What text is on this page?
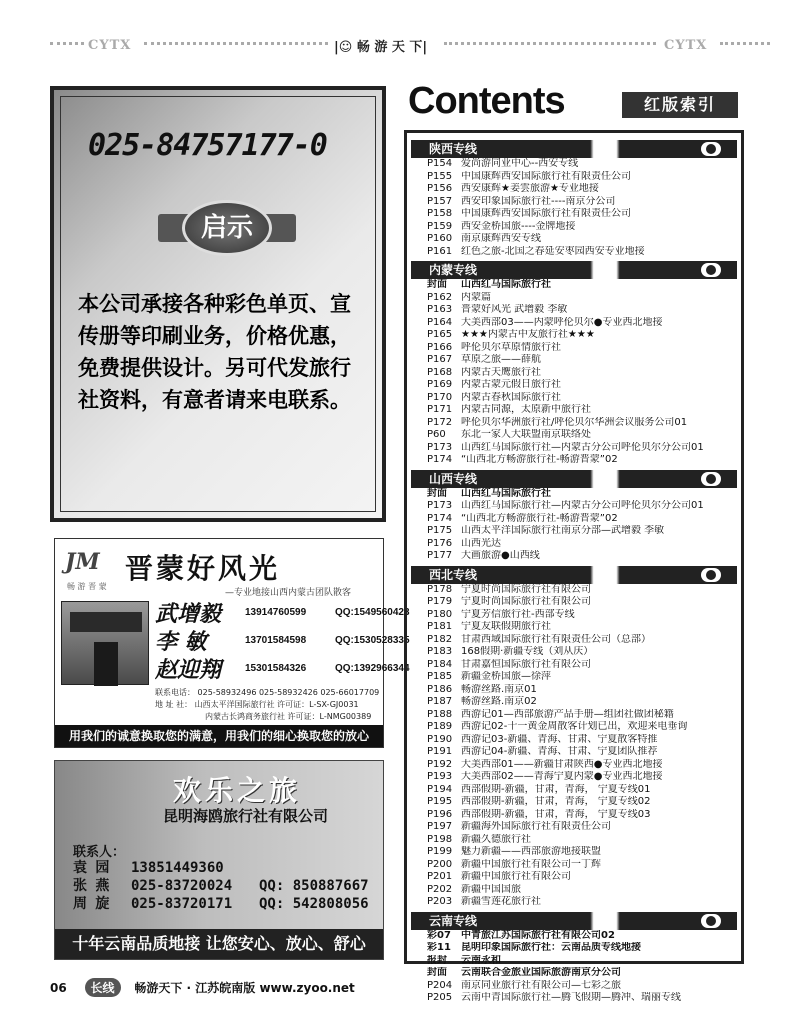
CYTX	|☺ 畅 游 天 下|	CYTX
025-84757177-0
启示
本公司承接各种彩色单页、宣传册等印刷业务，价格优惠，免费提供设计。另可代发旅行社资料，有意者请来电联系。
JM
畅 游 晋 蒙
晋蒙好风光
—专业地接山西内蒙古团队散客
武增毅 13914760599	QQ:1549560423
李 敏	13701584598	QQ:1530528335
赵迎翔 15301584326	QQ:1392966344
联系电话： 025-58932496 025-58932426 025-66017709
地 址 社： 山西太平洋国际旅行社 许可证：L-SX-GJ0031
内蒙古长鸿商务旅行社 许可证：L-NMG00389
用我们的诚意换取您的满意，用我们的细心换取您的放心
欢乐之旅
昆明海鸥旅行社有限公司
联系人：
袁 园 13851449360
张 燕 025-83720024 QQ: 850887667
周 旋 025-83720171 QQ: 542808056
十年云南品质地接 让您安心、放心、舒心
06 长线 畅游天下 · 江苏皖南版 www.zyoo.net
Contents	红版索引
陕西专线
P154 爱尚游同业中心--西安专线
P155 中国康辉西安国际旅行社有限责任公司
P156 西安康辉★姜雲旅游★专业地接
P157 西安印象国际旅行社----南京分公司
P158 中国康辉西安国际旅行社有限责任公司
P159 西安金桥国旅----金牌地接
P160 南京康辉西安专线
P161 红色之旅-北国之春延安枣园西安专业地接
内蒙专线
封面 山西红马国际旅行社
P162 内蒙篇
P163 晋蒙好风光 武增毅 李敏
P164 大美西部03——内蒙呼伦贝尔●专业西北地接
P165 ★★★内蒙古中友旅行社★★★
P166 呼伦贝尔草原情旅行社
P167 草原之旅——薛航
P168 内蒙古天鹰旅行社
P169 内蒙古蒙元假日旅行社
P170 内蒙古春秋国际旅行社
P171 内蒙古同源，太原新中旅行社
P172 呼伦贝尔华洲旅行社/呼伦贝尔华洲会议服务公司01
P60 东北一家人大联盟南京联络处
P173 山西红马国际旅行社—内蒙古分公司呼伦贝尔分公司01
P174 “山西北方畅游旅行社-畅游晋蒙”02
山西专线
封面 山西红马国际旅行社
P173 山西红马国际旅行社—内蒙古分公司呼伦贝尔分公司01
P174 “山西北方畅游旅行社-畅游晋蒙”02
P175 山西太平洋国际旅行社南京分部—武增毅 李敏
P176 山西光达
P177 大画旅游●山西线
西北专线
P178 宁夏时尚国际旅行社有限公司
P179 宁夏时尚国际旅行社有限公司
P180 宁夏芳信旅行社-西部专线
P181 宁夏友联假期旅行社
P182 甘肃西域国际旅行社有限责任公司（总部）
P183 168假期·新疆专线（刘从庆）
P184 甘肃嘉恒国际旅行社有限公司
P185 新疆金桥国旅—徐萍
P186 畅游丝路.南京01
P187 畅游丝路.南京02
P188 西游记01—西部旅游产品手册—组团社做团秘籍
P189 西游记02-十一黄金周散客计划已出，欢迎来电垂询
P190 西游记03-新疆、青海、甘肃、宁夏散客特推
P191 西游记04-新疆、青海、甘肃、宁夏团队推荐
P192 大美西部01——新疆甘肃陕西●专业西北地接
P193 大美西部02——青海宁夏内蒙●专业西北地接
P194 西部假期-新疆，甘肃，青海， 宁夏专线01
P195 西部假期-新疆，甘肃，青海， 宁夏专线02
P196 西部假期-新疆，甘肃，青海， 宁夏专线03
P197 新疆海外国际旅行社有限责任公司
P198 新疆久德旅行社
P199 魅力新疆——西部旅游地接联盟
P200 新疆中国旅行社有限公司一丁辉
P201 新疆中国旅行社有限公司
P202 新疆中国国旅
P203 新疆雪莲花旅行社
云南专线
彩07 中青旅江苏国际旅行社有限公司02
彩11 昆明印象国际旅行社：云南品质专线地接
报封 云南永和
封面 云南联合金旅业国际旅游南京分公司
P204 南京同业旅行社有限公司—七彩之旅
P205 云南中青国际旅行社—腾飞假期—腾冲、瑞丽专线
